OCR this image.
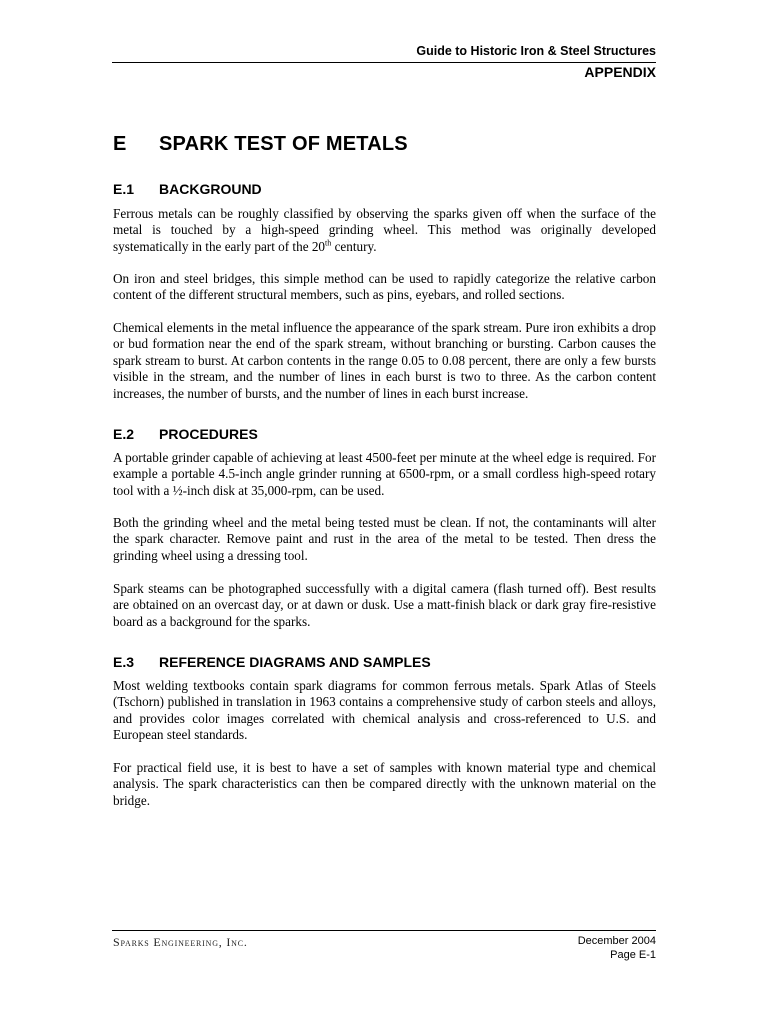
Guide to Historic Iron & Steel Structures
APPENDIX
E SPARK TEST OF METALS
E.1 BACKGROUND
Ferrous metals can be roughly classified by observing the sparks given off when the surface of the metal is touched by a high-speed grinding wheel. This method was originally developed systematically in the early part of the 20th century.
On iron and steel bridges, this simple method can be used to rapidly categorize the relative carbon content of the different structural members, such as pins, eyebars, and rolled sections.
Chemical elements in the metal influence the appearance of the spark stream. Pure iron exhibits a drop or bud formation near the end of the spark stream, without branching or bursting. Carbon causes the spark stream to burst. At carbon contents in the range 0.05 to 0.08 percent, there are only a few bursts visible in the stream, and the number of lines in each burst is two to three. As the carbon content increases, the number of bursts, and the number of lines in each burst increase.
E.2 PROCEDURES
A portable grinder capable of achieving at least 4500-feet per minute at the wheel edge is required. For example a portable 4.5-inch angle grinder running at 6500-rpm, or a small cordless high-speed rotary tool with a ½-inch disk at 35,000-rpm, can be used.
Both the grinding wheel and the metal being tested must be clean. If not, the contaminants will alter the spark character. Remove paint and rust in the area of the metal to be tested. Then dress the grinding wheel using a dressing tool.
Spark steams can be photographed successfully with a digital camera (flash turned off). Best results are obtained on an overcast day, or at dawn or dusk. Use a matt-finish black or dark gray fire-resistive board as a background for the sparks.
E.3 REFERENCE DIAGRAMS AND SAMPLES
Most welding textbooks contain spark diagrams for common ferrous metals. Spark Atlas of Steels (Tschorn) published in translation in 1963 contains a comprehensive study of carbon steels and alloys, and provides color images correlated with chemical analysis and cross-referenced to U.S. and European steel standards.
For practical field use, it is best to have a set of samples with known material type and chemical analysis. The spark characteristics can then be compared directly with the unknown material on the bridge.
Sparks Engineering, Inc.	December 2004
Page E-1
